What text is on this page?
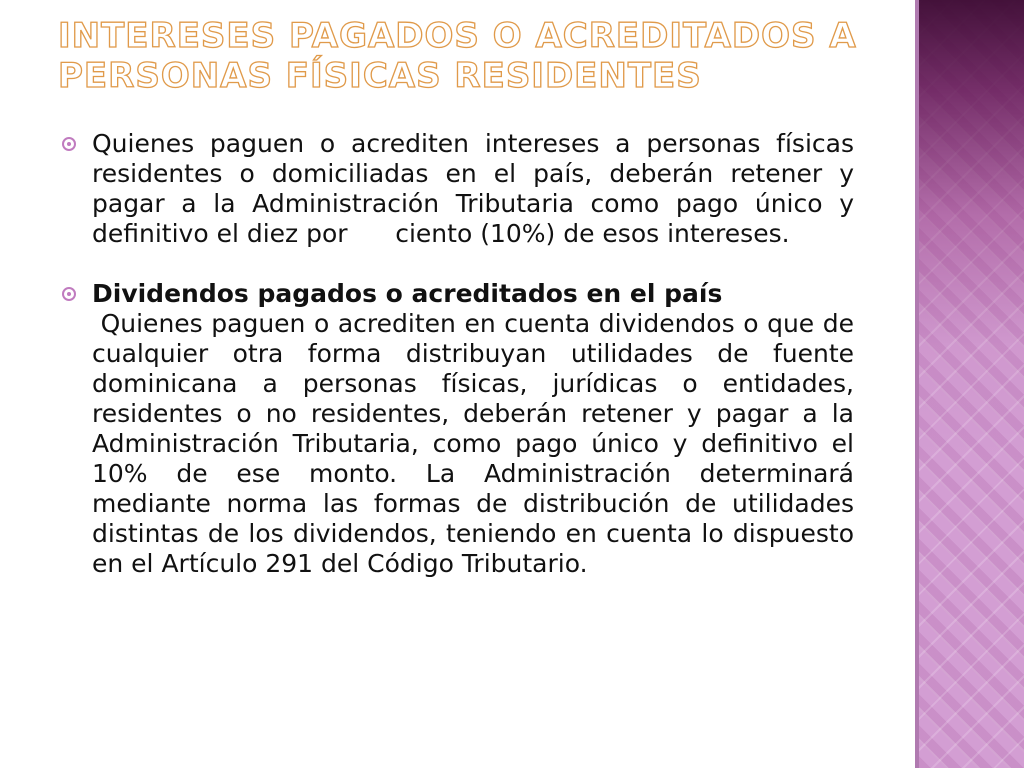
INTERESES PAGADOS O ACREDITADOS A PERSONAS FÍSICAS RESIDENTES
Quienes paguen o acrediten intereses a personas físicas residentes o domiciliadas en el país, deberán retener y pagar a la Administración Tributaria como pago único y definitivo el diez por      ciento (10%) de esos intereses.
Dividendos pagados o acreditados en el país
Quienes paguen o acrediten en cuenta dividendos o que de cualquier otra forma distribuyan utilidades de fuente dominicana a personas físicas, jurídicas o entidades, residentes o no residentes, deberán retener y pagar a la Administración Tributaria, como pago único y definitivo el 10% de ese monto. La Administración determinará mediante norma las formas de distribución de utilidades distintas de los dividendos, teniendo en cuenta lo dispuesto en el Artículo 291 del Código Tributario.
